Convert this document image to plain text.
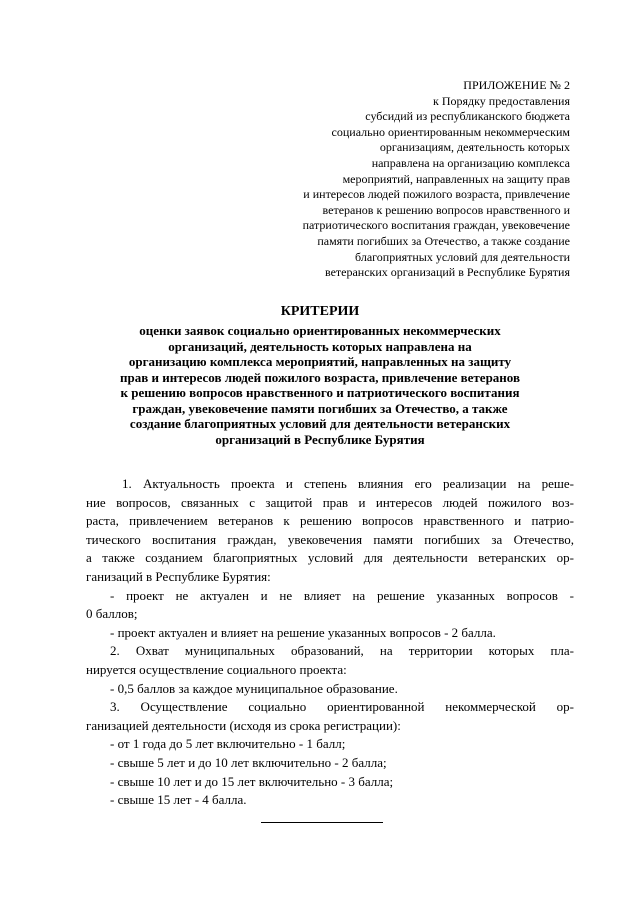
ПРИЛОЖЕНИЕ № 2
к Порядку предоставления
субсидий из республиканского бюджета
социально ориентированным некоммерческим
организациям, деятельность которых
направлена на организацию комплекса
мероприятий, направленных на защиту прав
и интересов людей пожилого возраста, привлечение
ветеранов к решению вопросов нравственного и
патриотического воспитания граждан, увековечение
памяти погибших за Отечество, а также создание
благоприятных условий для деятельности
ветеранских организаций в Республике Бурятия
КРИТЕРИИ
оценки заявок социально ориентированных некоммерческих
организаций, деятельность которых направлена на
организацию комплекса мероприятий, направленных на защиту
прав и интересов людей пожилого возраста, привлечение ветеранов
к решению вопросов нравственного и патриотического воспитания
граждан, увековечение памяти погибших за Отечество, а также
создание благоприятных условий для деятельности ветеранских
организаций в Республике Бурятия
1. Актуальность проекта и степень влияния его реализации на реше-
ние вопросов, связанных с защитой прав и интересов людей пожилого воз-
раста, привлечением ветеранов к решению вопросов нравственного и патрио-
тического воспитания граждан, увековечения памяти погибших за Отечество,
а также созданием благоприятных условий для деятельности ветеранских ор-
ганизаций в Республике Бурятия:
- проект не актуален и не влияет на решение указанных вопросов -
0 баллов;
- проект актуален и влияет на решение указанных вопросов - 2 балла.
2. Охват муниципальных образований, на территории которых пла-
нируется осуществление социального проекта:
- 0,5 баллов за каждое муниципальное образование.
3. Осуществление социально ориентированной некоммерческой ор-
ганизацией деятельности (исходя из срока регистрации):
- от 1 года до 5 лет включительно - 1 балл;
- свыше 5 лет и до 10 лет включительно - 2 балла;
- свыше 10 лет и до 15 лет включительно - 3 балла;
- свыше 15 лет - 4 балла.
